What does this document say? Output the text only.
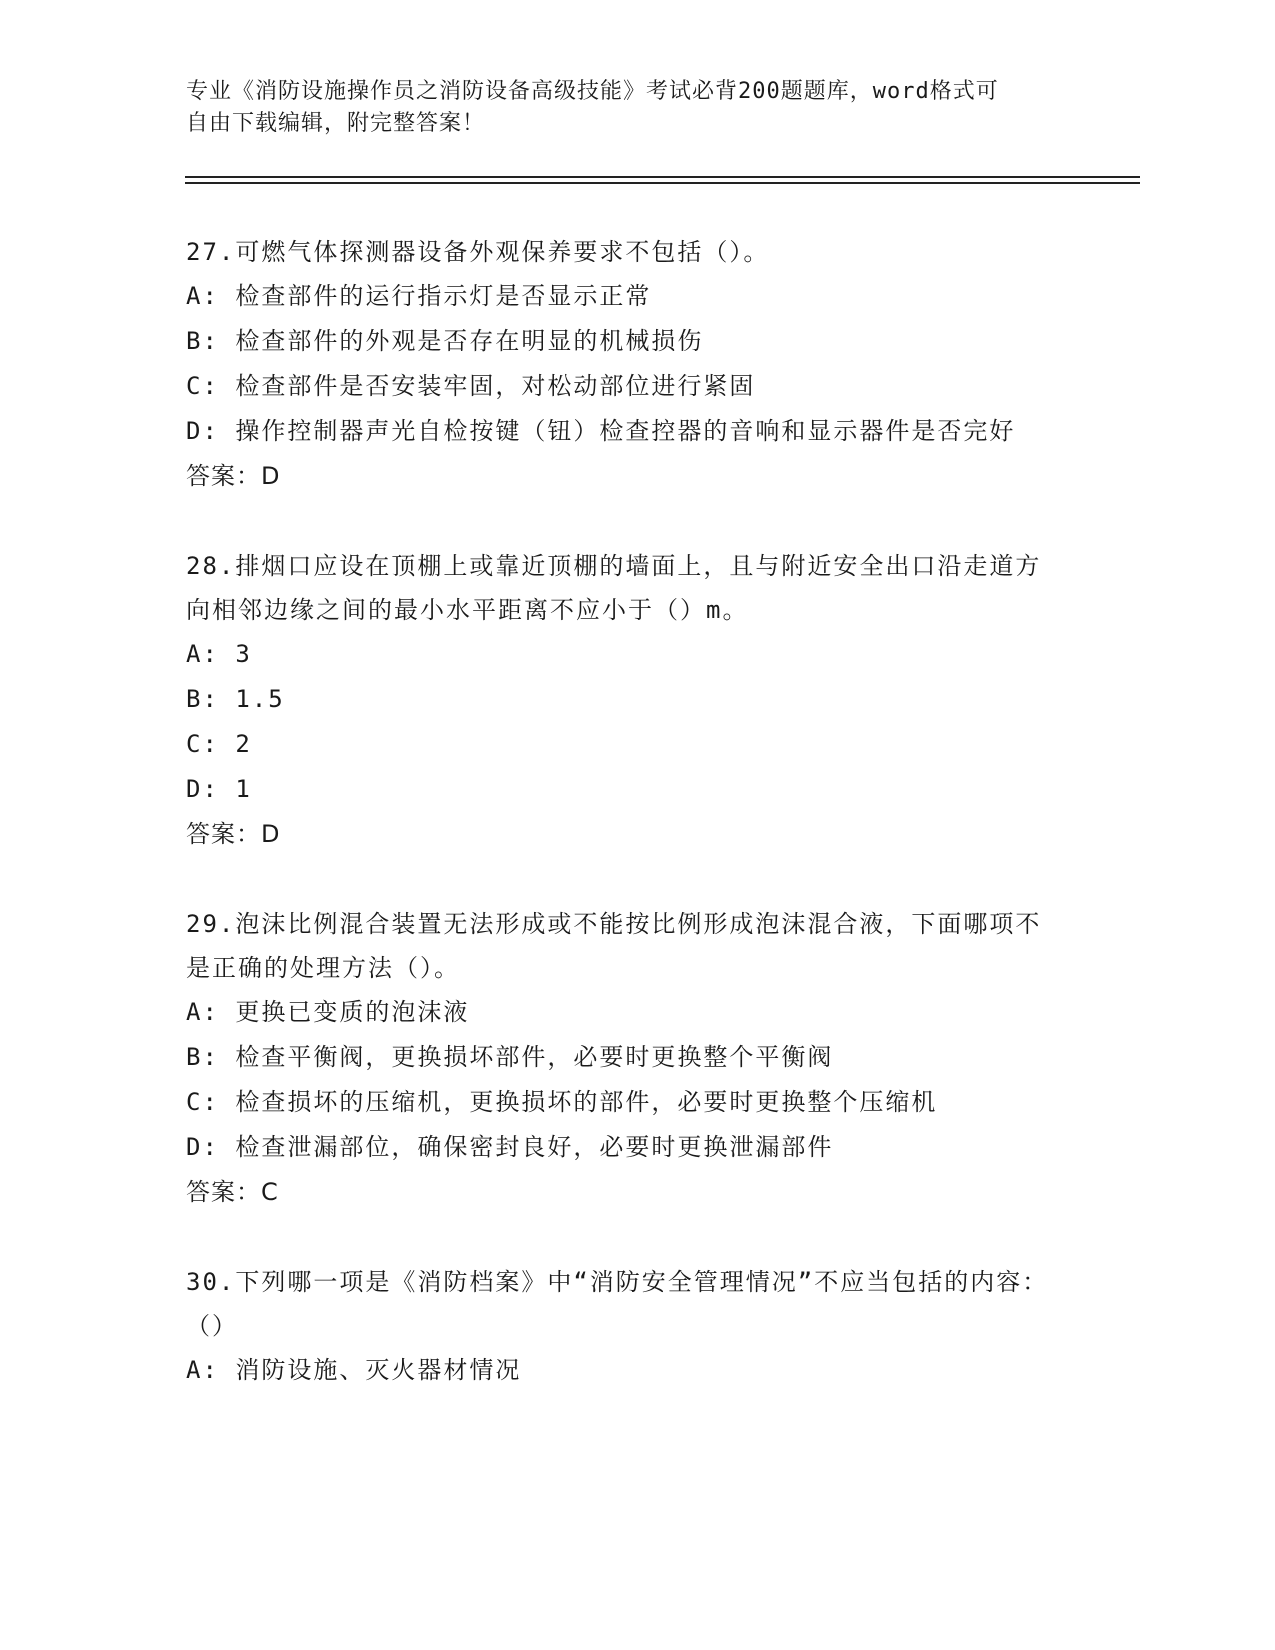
专业《消防设施操作员之消防设备高级技能》考试必背200题题库，word格式可
自由下载编辑，附完整答案！
27.可燃气体探测器设备外观保养要求不包括（）。
A: 检查部件的运行指示灯是否显示正常
B: 检查部件的外观是否存在明显的机械损伤
C: 检查部件是否安装牢固，对松动部位进行紧固
D: 操作控制器声光自检按键（钮）检查控器的音响和显示器件是否完好
答案：D
28.排烟口应设在顶棚上或靠近顶棚的墙面上，且与附近安全出口沿走道方向相邻边缘之间的最小水平距离不应小于（）m。
A: 3
B: 1.5
C: 2
D: 1
答案：D
29.泡沫比例混合装置无法形成或不能按比例形成泡沫混合液，下面哪项不是正确的处理方法（）。
A: 更换已变质的泡沫液
B: 检查平衡阀，更换损坏部件，必要时更换整个平衡阀
C: 检查损坏的压缩机，更换损坏的部件，必要时更换整个压缩机
D: 检查泄漏部位，确保密封良好，必要时更换泄漏部件
答案：C
30.下列哪一项是《消防档案》中“消防安全管理情况”不应当包括的内容：（）
A: 消防设施、灭火器材情况
